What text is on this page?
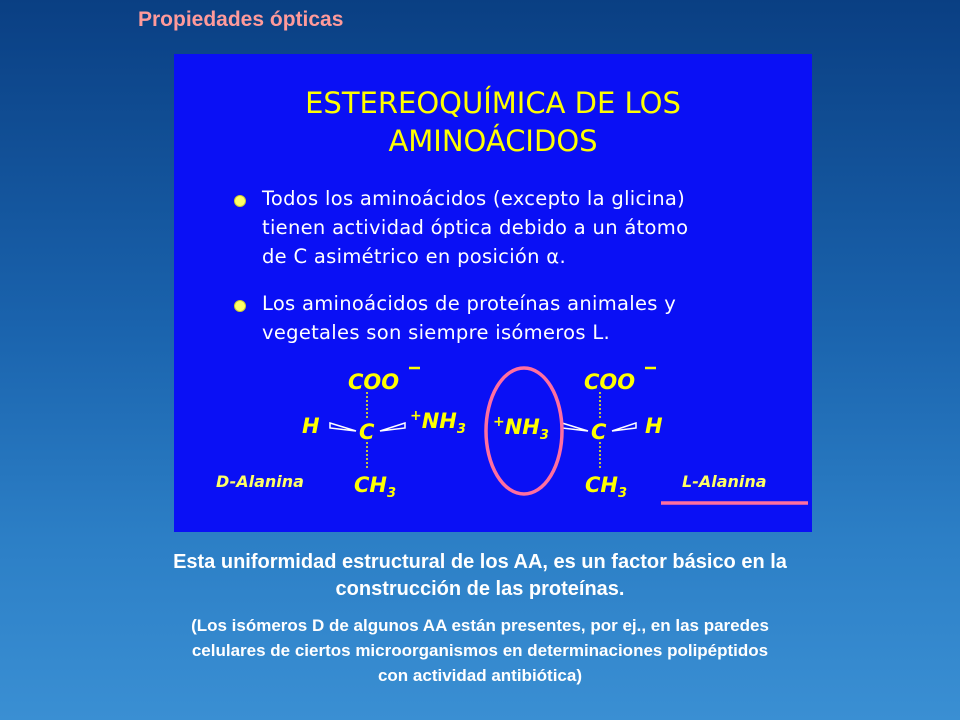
Propiedades ópticas
ESTEREOQUÍMICA DE LOS
AMINOÁCIDOS
Todos los aminoácidos (excepto la glicina)
tienen actividad óptica debido a un átomo
de C asimétrico en posición α.
Los aminoácidos de proteínas animales y
vegetales son siempre isómeros L.
COO
H C
$^+NH_3$
$CH_3$
D-Alanina
COO
$^+NH_3$ C H
$CH_3$
L-Alanina
Esta uniformidad estructural de los AA, es un factor básico en la
construcción de las proteínas.
(Los isómeros D de algunos AA están presentes, por ej., en las paredes
celulares de ciertos microorganismos en determinaciones polipéptidos
con actividad antibiótica)
